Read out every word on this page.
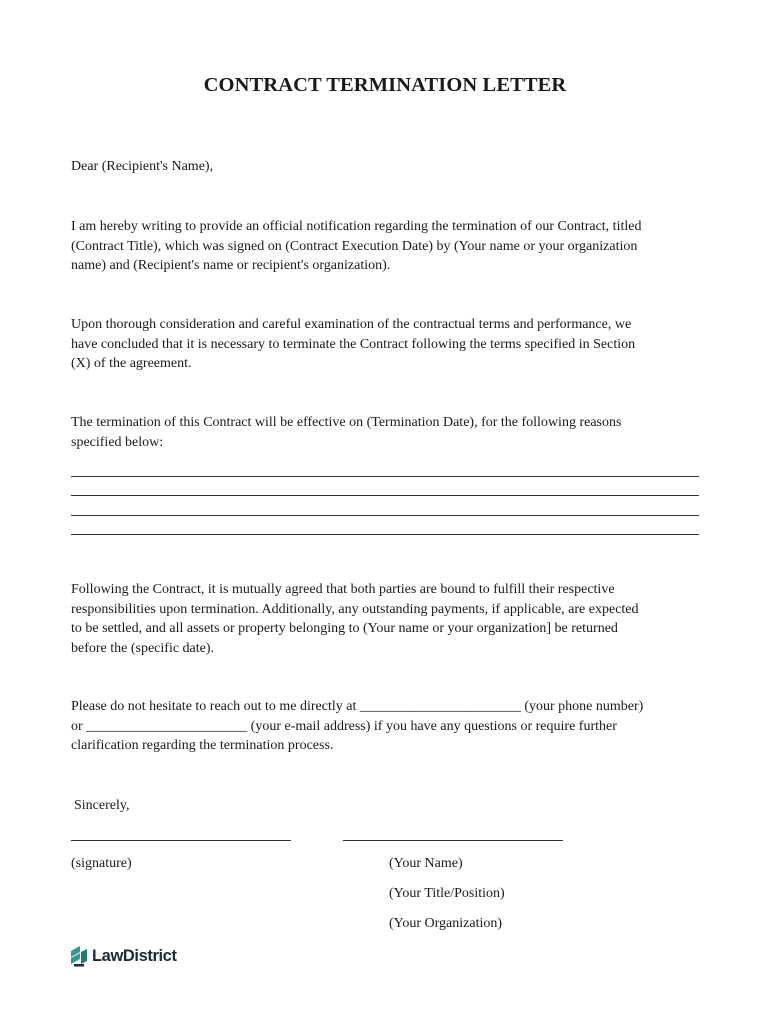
CONTRACT TERMINATION LETTER

Dear (Recipient's Name),

I am hereby writing to provide an official notification regarding the termination of our Contract, titled

(Contract Title), which was signed on (Contract Execution Date) by (Your name or your organization

name) and (Recipient's name or recipient's organization).

Upon thorough consideration and careful examination of the contractual terms and performance, we

have concluded that it is necessary to terminate the Contract following the terms specified in Section

(X) of the agreement.

The termination of this Contract will be effective on (Termination Date), for the following reasons

specified below:

Following the Contract, it is mutually agreed that both parties are bound to fulfill their respective

responsibilities upon termination. Additionally, any outstanding payments, if applicable, are expected

to be settled, and all assets or property belonging to (Your name or your organization] be returned

before the (specific date).

Please do not hesitate to reach out to me directly at _______________________ (your phone number)

or _______________________ (your e-mail address) if you have any questions or require further

clarification regarding the termination process.

Sincerely,

(signature)	(Your Name)
(Your Title/Position)
(Your Organization)
LawDistrict
